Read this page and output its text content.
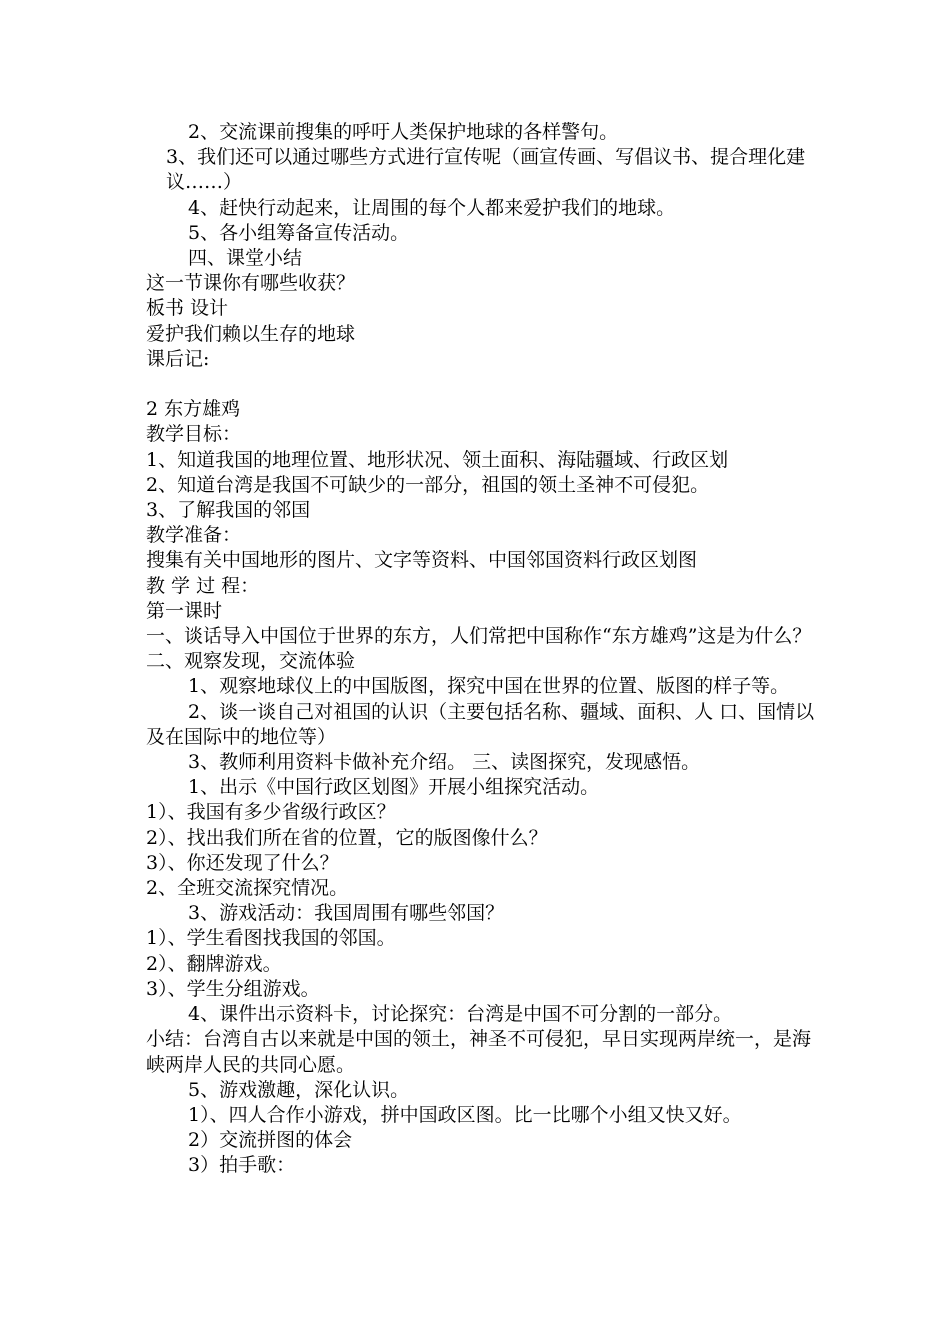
2、交流课前搜集的呼吁人类保护地球的各样警句。
3、我们还可以通过哪些方式进行宣传呢（画宣传画、写倡议书、提合理化建议……）
4、赶快行动起来，让周围的每个人都来爱护我们的地球。
5、各小组筹备宣传活动。
四、课堂小结
这一节课你有哪些收获？
板书 设计
爱护我们赖以生存的地球
课后记:
2 东方雄鸡
教学目标：
1、知道我国的地理位置、地形状况、领土面积、海陆疆域、行政区划
2、知道台湾是我国不可缺少的一部分，祖国的领土圣神不可侵犯。
3、了解我国的邻国
教学准备：
搜集有关中国地形的图片、文字等资料、中国邻国资料行政区划图
教 学 过 程：
第一课时
一、谈话导入中国位于世界的东方，人们常把中国称作“东方雄鸡”这是为什么？
二、观察发现，交流体验
1、观察地球仪上的中国版图，探究中国在世界的位置、版图的样子等。
2、谈一谈自己对祖国的认识（主要包括名称、疆域、面积、人 口、国情以及在国际中的地位等）
3、教师利用资料卡做补充介绍。 三、读图探究，发现感悟。
1、出示《中国行政区划图》开展小组探究活动。
1）、我国有多少省级行政区？
2）、找出我们所在省的位置，它的版图像什么？
3）、你还发现了什么？
2、全班交流探究情况。
3、游戏活动：我国周围有哪些邻国？
1）、学生看图找我国的邻国。
2）、翻牌游戏。
3）、学生分组游戏。
4、课件出示资料卡，讨论探究：台湾是中国不可分割的一部分。
小结：台湾自古以来就是中国的领土，神圣不可侵犯，早日实现两岸统一，是海峡两岸人民的共同心愿。
5、游戏激趣，深化认识。
1）、四人合作小游戏，拼中国政区图。比一比哪个小组又快又好。
2）交流拼图的体会
3）拍手歌：
